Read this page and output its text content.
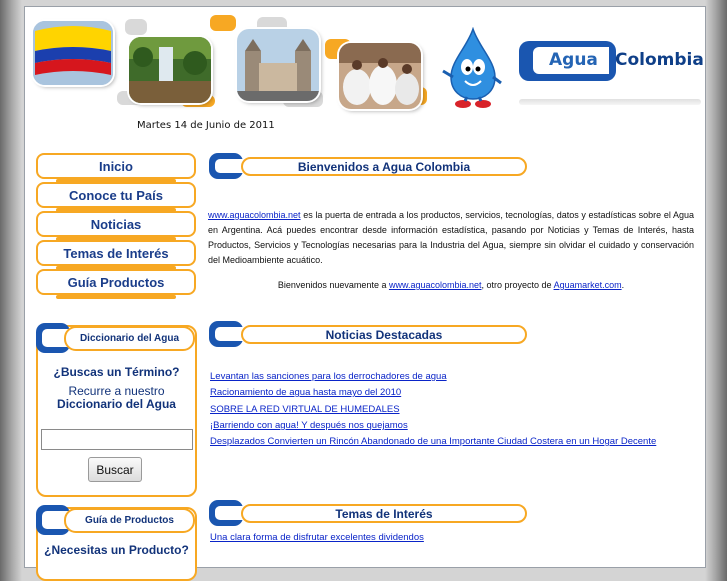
Agua Colombia
Martes 14 de Junio de 2011
Inicio
Conoce tu País
Noticias
Temas de Interés
Guía Productos
Diccionario del Agua
¿Buscas un Término?
Recurre a nuestro
Diccionario del Agua
Buscar
Guía de Productos
¿Necesitas un Producto?
Bienvenidos a Agua Colombia
www.aguacolombia.net es la puerta de entrada a los productos, servicios, tecnologías, datos y estadísticas sobre el Agua en Argentina. Acá puedes encontrar desde información estadística, pasando por Noticias y Temas de Interés, hasta Productos, Servicios y Tecnologías necesarias para la Industria del Agua, siempre sin olvidar el cuidado y conservación del Medioambiente acuático.
Bienvenidos nuevamente a www.aguacolombia.net, otro proyecto de Aguamarket.com.
Noticias Destacadas
Levantan las sanciones para los derrochadores de agua
Racionamiento de agua hasta mayo del 2010
SOBRE LA RED VIRTUAL DE HUMEDALES
¡Barriendo con agua! Y después nos quejamos
Desplazados Convierten un Rincón Abandonado de una Importante Ciudad Costera en un Hogar Decente
Temas de Interés
Una clara forma de disfrutar excelentes dividendos
